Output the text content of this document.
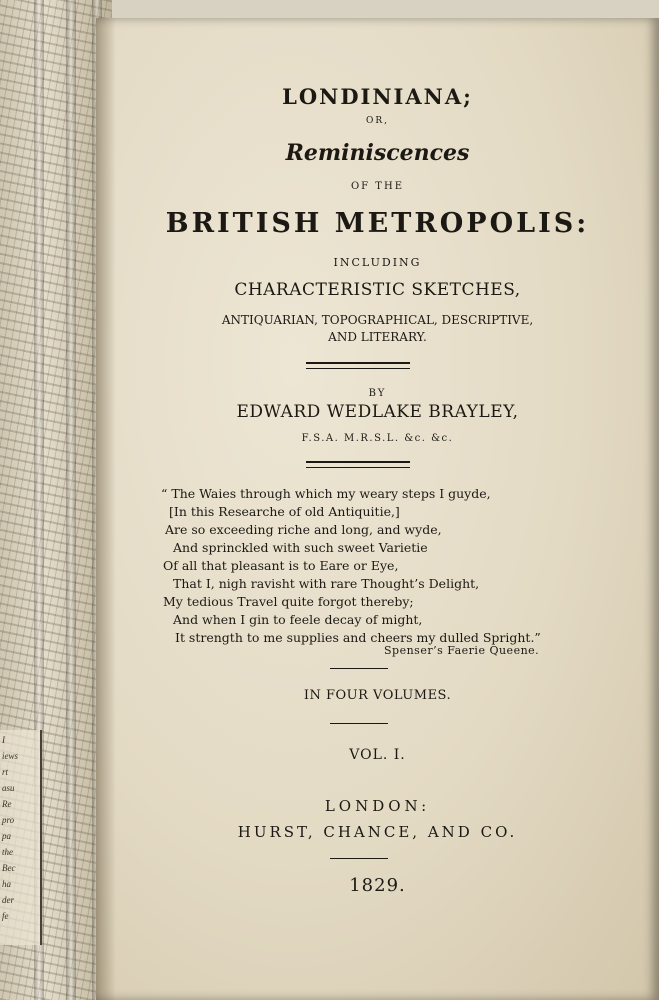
I
iews
rt
asu
Re
pro
pa
the
Bec
ha
der
fe
LONDINIANA;
OR,
Reminiscences
OF THE
BRITISH METROPOLIS:
INCLUDING
CHARACTERISTIC SKETCHES,
ANTIQUARIAN, TOPOGRAPHICAL, DESCRIPTIVE,
AND LITERARY.
BY
EDWARD WEDLAKE BRAYLEY,
F.S.A. M.R.S.L. &c. &c.
“ The Waies through which my weary steps I guyde,
[In this Researche of old Antiquitie,]
Are so exceeding riche and long, and wyde,
And sprinckled with such sweet Varietie
Of all that pleasant is to Eare or Eye,
That I, nigh ravisht with rare Thought’s Delight,
My tedious Travel quite forgot thereby;
And when I gin to feele decay of might,
It strength to me supplies and cheers my dulled Spright.”
Spenser’s Faerie Queene.
IN FOUR VOLUMES.
VOL. I.
LONDON:
HURST, CHANCE, AND CO.
1829.
